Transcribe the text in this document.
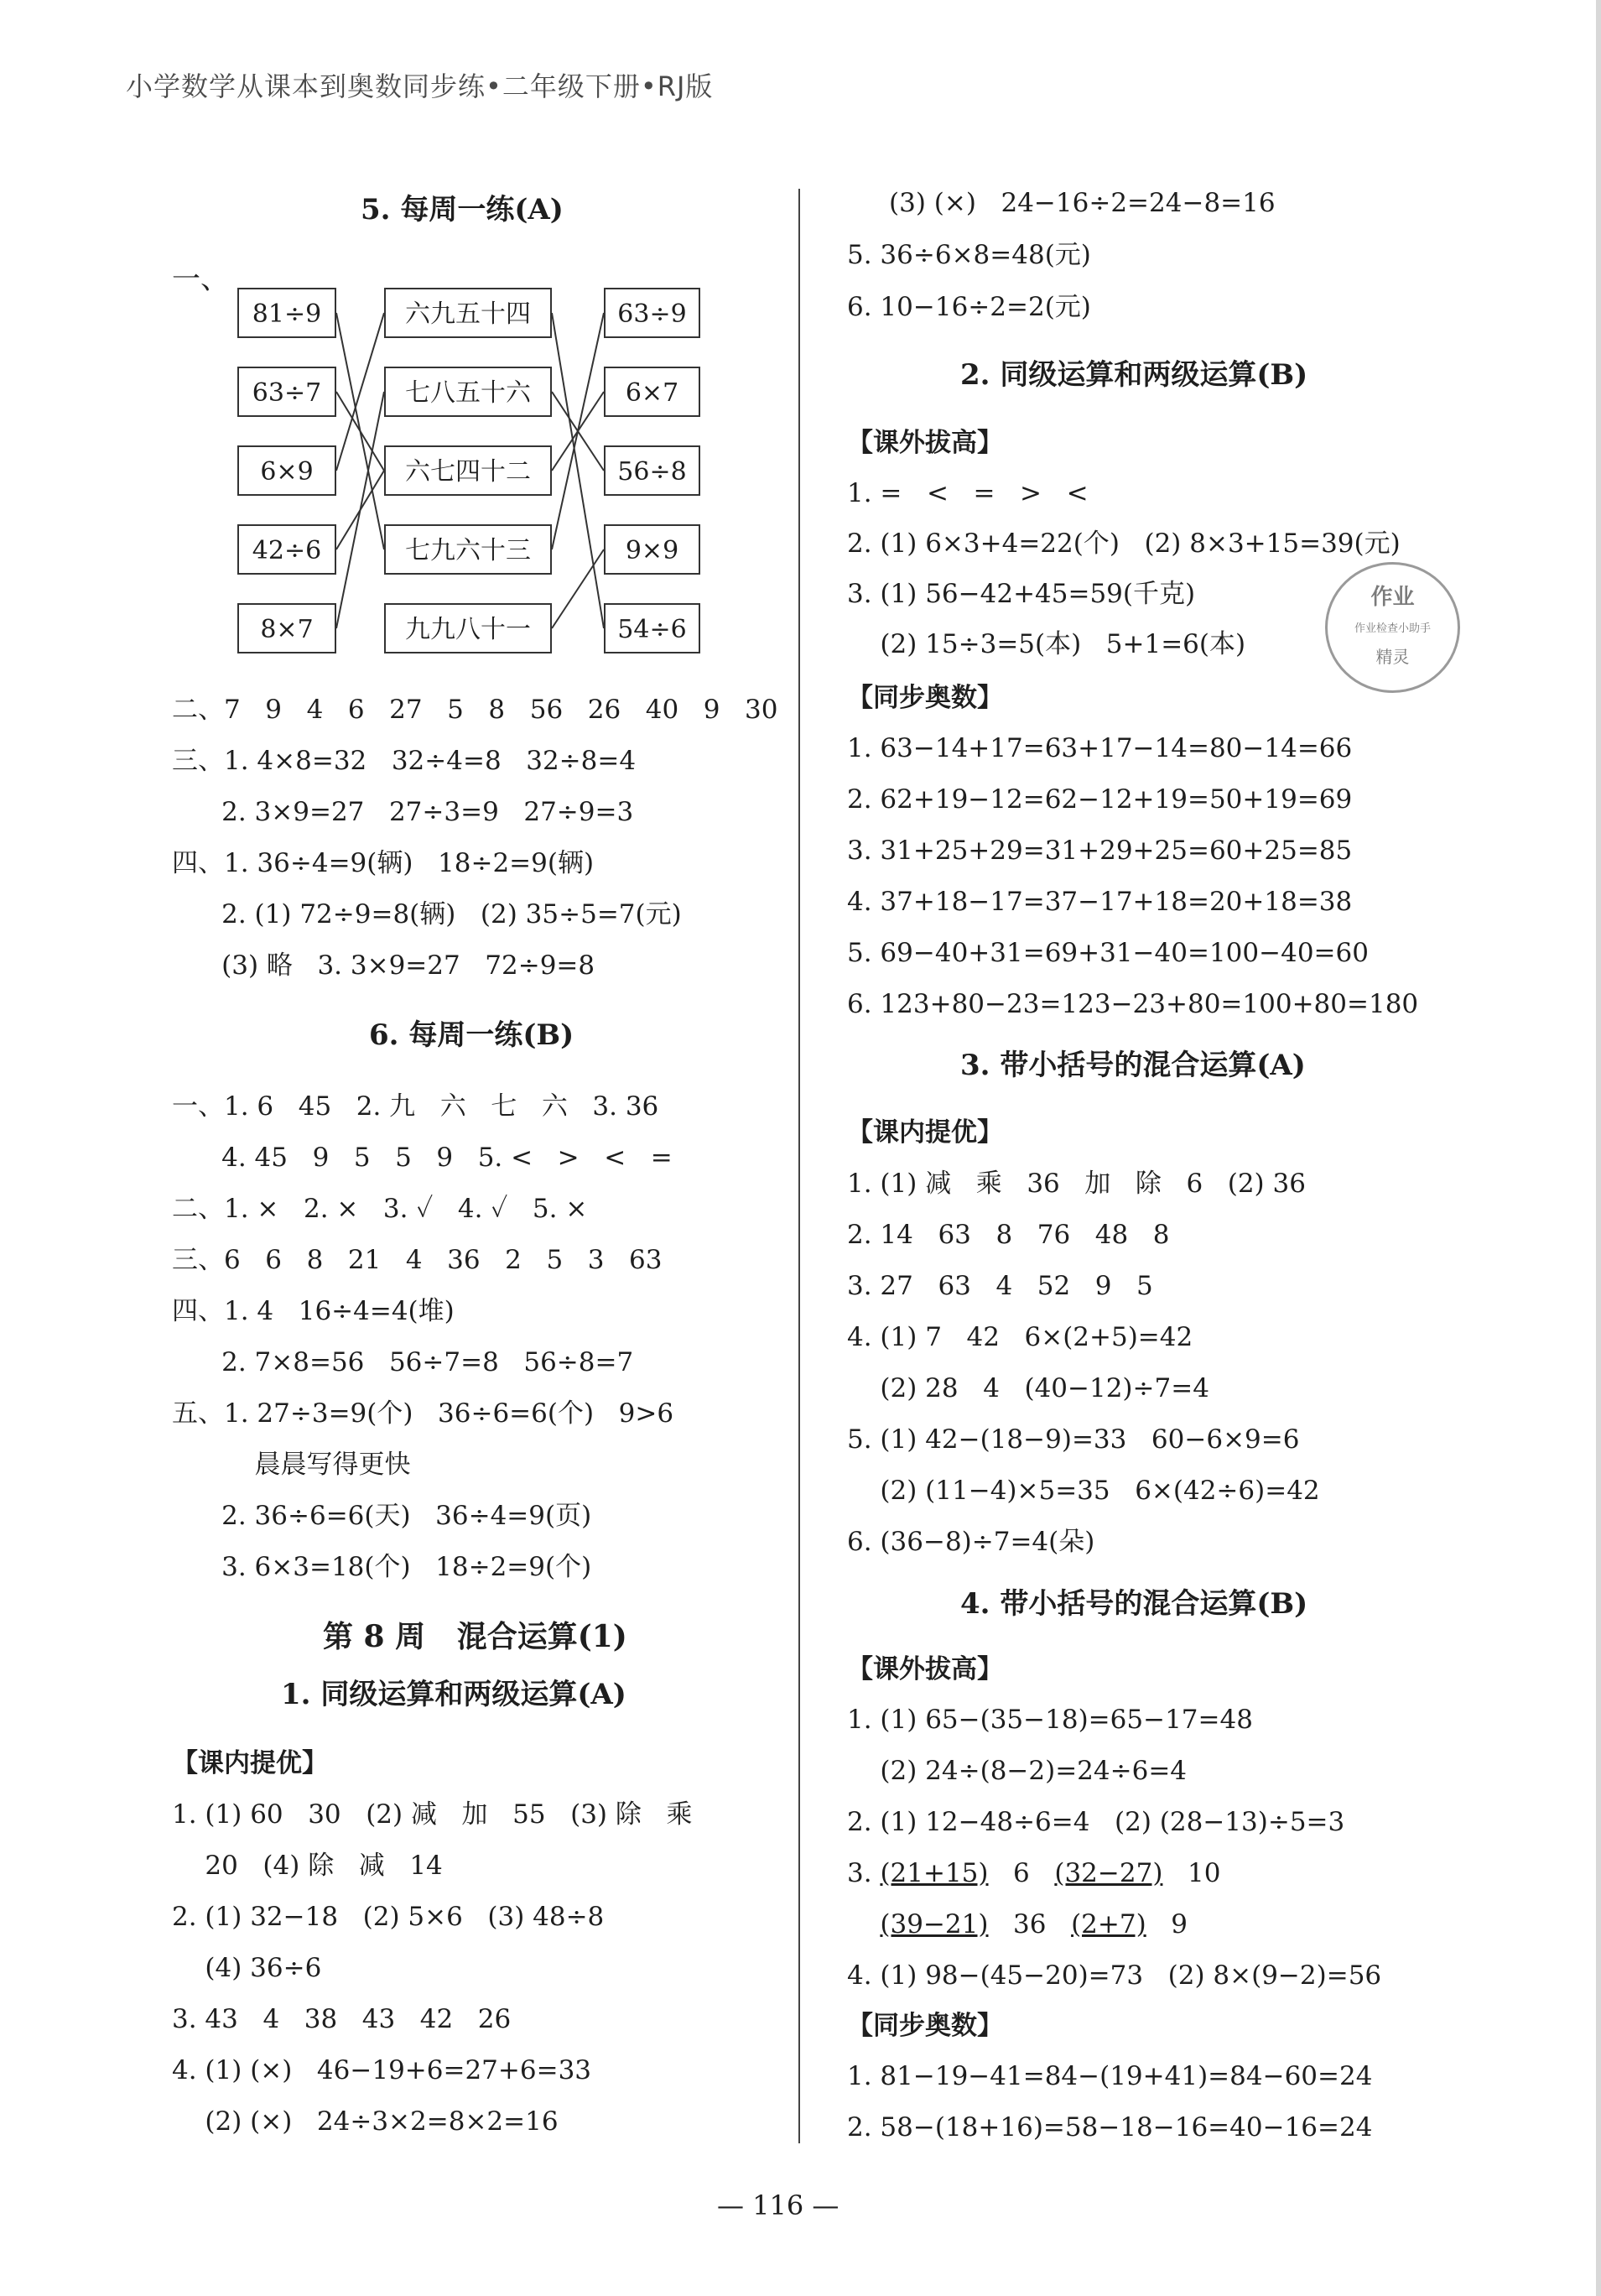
小学数学从课本到奥数同步练•二年级下册•RJ版
5. 每周一练(A)
一、
81÷9
63÷7
6×9
42÷6
8×7
六九五十四
七八五十六
六七四十二
七九六十三
九九八十一
63÷9
6×7
56÷8
9×9
54÷6
二、7   9   4   6   27   5   8   56   26   40   9   30
三、1. 4×8=32   32÷4=8   32÷8=4
2. 3×9=27   27÷3=9   27÷9=3
四、1. 36÷4=9(辆)   18÷2=9(辆)
2. (1) 72÷9=8(辆)   (2) 35÷5=7(元)
(3) 略   3. 3×9=27   72÷9=8
6. 每周一练(B)
一、1. 6   45   2. 九   六   七   六   3. 36
4. 45   9   5   5   9   5. <   >   <   =
二、1. ×   2. ×   3. ✓   4. ✓   5. ×
三、6   6   8   21   4   36   2   5   3   63
四、1. 4   16÷4=4(堆)
2. 7×8=56   56÷7=8   56÷8=7
五、1. 27÷3=9(个)   36÷6=6(个)   9>6
晨晨写得更快
2. 36÷6=6(天)   36÷4=9(页)
3. 6×3=18(个)   18÷2=9(个)
第 8 周   混合运算(1)
1. 同级运算和两级运算(A)
【课内提优】
1. (1) 60   30   (2) 减   加   55   (3) 除   乘
20   (4) 除   减   14
2. (1) 32−18   (2) 5×6   (3) 48÷8
(4) 36÷6
3. 43   4   38   43   42   26
4. (1) (×)   46−19+6=27+6=33
(2) (×)   24÷3×2=8×2=16
(3) (×)   24−16÷2=24−8=16
5. 36÷6×8=48(元)
6. 10−16÷2=2(元)
2. 同级运算和两级运算(B)
【课外拔高】
1. =   <   =   >   <
2. (1) 6×3+4=22(个)   (2) 8×3+15=39(元)
3. (1) 56−42+45=59(千克)
(2) 15÷3=5(本)   5+1=6(本)
【同步奥数】
1. 63−14+17=63+17−14=80−14=66
2. 62+19−12=62−12+19=50+19=69
3. 31+25+29=31+29+25=60+25=85
4. 37+18−17=37−17+18=20+18=38
5. 69−40+31=69+31−40=100−40=60
6. 123+80−23=123−23+80=100+80=180
3. 带小括号的混合运算(A)
【课内提优】
1. (1) 减   乘   36   加   除   6   (2) 36
2. 14   63   8   76   48   8
3. 27   63   4   52   9   5
4. (1) 7   42   6×(2+5)=42
(2) 28   4   (40−12)÷7=4
5. (1) 42−(18−9)=33   60−6×9=6
(2) (11−4)×5=35   6×(42÷6)=42
6. (36−8)÷7=4(朵)
4. 带小括号的混合运算(B)
【课外拔高】
1. (1) 65−(35−18)=65−17=48
(2) 24÷(8−2)=24÷6=4
2. (1) 12−48÷6=4   (2) (28−13)÷5=3
3. (21+15)   6   (32−27)   10
(39−21)   36   (2+7)   9
4. (1) 98−(45−20)=73   (2) 8×(9−2)=56
【同步奥数】
1. 81−19−41=84−(19+41)=84−60=24
2. 58−(18+16)=58−18−16=40−16=24
作业
作业检查小助手
精灵
— 116 —
